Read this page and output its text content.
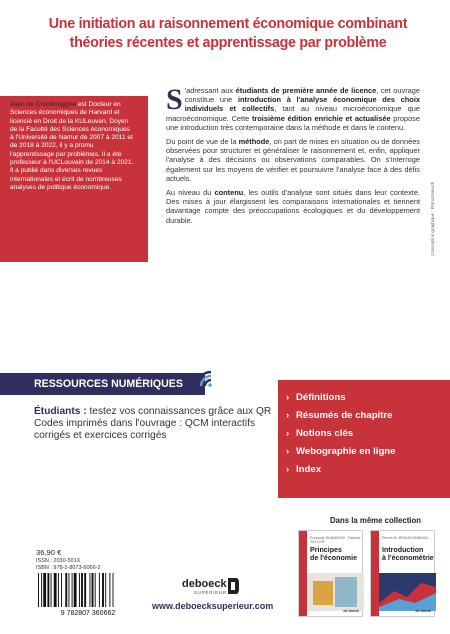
Une initiation au raisonnement économique combinant
théories récentes et apprentissage par problème
Alain de Crombrugghe est Docteur en Sciences économiques de Harvard et licencié en Droit de la KULeuven. Doyen de la Faculté des Sciences économiques à l'Université de Namur de 2007 à 2011 et de 2018 à 2022, il y a promu l'apprentissage par problèmes. Il a été professeur à l'UCLouvain de 2014 à 2021. Il a publié dans diverses revues internationales et écrit de nombreuses analyses de politique économique.

S 'adressant aux étudiants de première année de licence, cet ouvrage constitue une introduction à l'analyse économique des choix individuels et collectifs, tant au niveau microéconomique que macroéconomique. Cette troisième édition enrichie et actualisée propose une introduction très contemporaine dans la méthode et dans le contenu.

Du point de vue de la méthode, on part de mises en situation ou de données observées pour structurer et généraliser le raisonnement et, enfin, appliquer l'analyse à des décisions ou observations comparables. On s'interroge également sur les moyens de vérifier et poursuivre l'analyse face à des défis actuels.

Au niveau du contenu, les outils d'analyse sont situés dans leur contexte. Des mises à jour élargissent les comparaisons internationales et tiennent davantage compte des préoccupations écologiques et du développement durable.	Conception graphique : PrimoGHouch
RESSOURCES NUMÉRIQUES
Étudiants : testez vos connaissances grâce aux QR Codes imprimés dans l'ouvrage : QCM interactifs corrigés et exercices corrigés
› Définitions
› Résumés de chapitre
› Notions clés
› Webographie en ligne
› Index
Dans la même collection
François SHANNON · Fabrice TAYLOR
Principes
de l'économie
de boeck
Pierre-M. BRAUDONNEAU
Introduction
à l'économétrie
de boeck
36,90 €
ISSN : 2030-501X
ISBN : 978-2-8073-6066-2
9 782807 360662
deboeck
SUPÉRIEUR
www.deboecksuperieur.com
